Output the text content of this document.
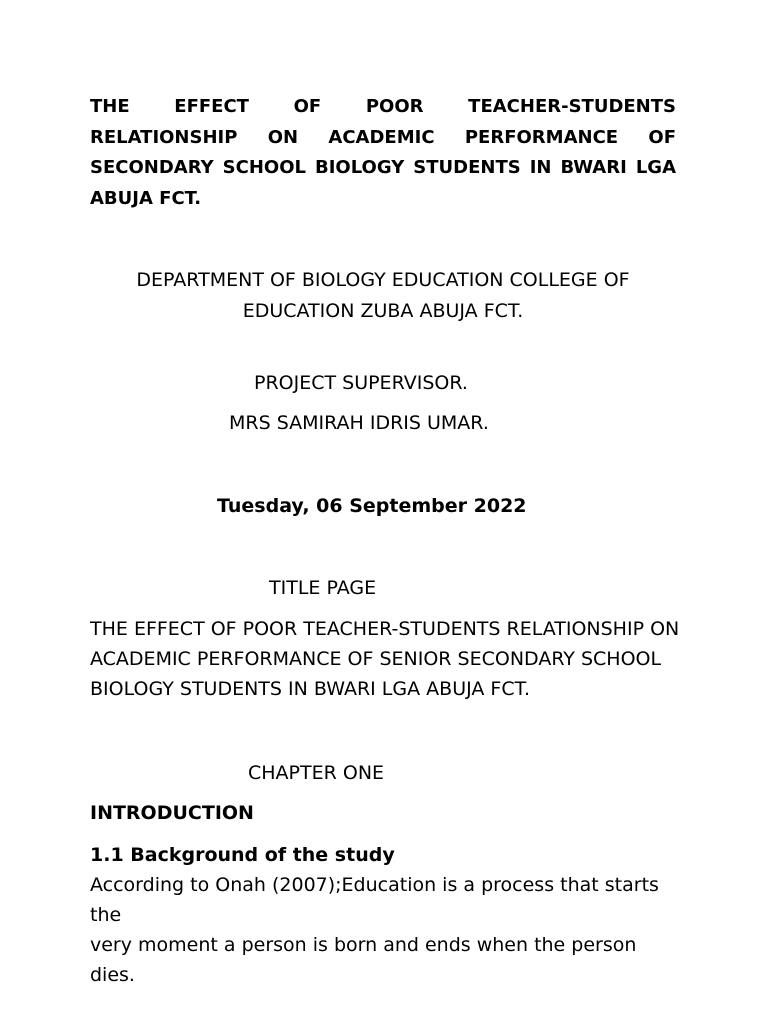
THE EFFECT OF POOR TEACHER-STUDENTS RELATIONSHIP ON ACADEMIC PERFORMANCE OF SECONDARY SCHOOL BIOLOGY STUDENTS IN BWARI LGA ABUJA FCT.

DEPARTMENT OF BIOLOGY EDUCATION COLLEGE OF
EDUCATION ZUBA ABUJA FCT.

PROJECT SUPERVISOR.

MRS SAMIRAH IDRIS UMAR.

Tuesday, 06 September 2022

TITLE PAGE

THE EFFECT OF POOR TEACHER-STUDENTS RELATIONSHIP ON
ACADEMIC PERFORMANCE OF SENIOR SECONDARY SCHOOL
BIOLOGY STUDENTS IN BWARI LGA ABUJA FCT.

CHAPTER ONE

INTRODUCTION

1.1 Background of the study

According to Onah (2007);Education is a process that starts the
very moment a person is born and ends when the person dies.
